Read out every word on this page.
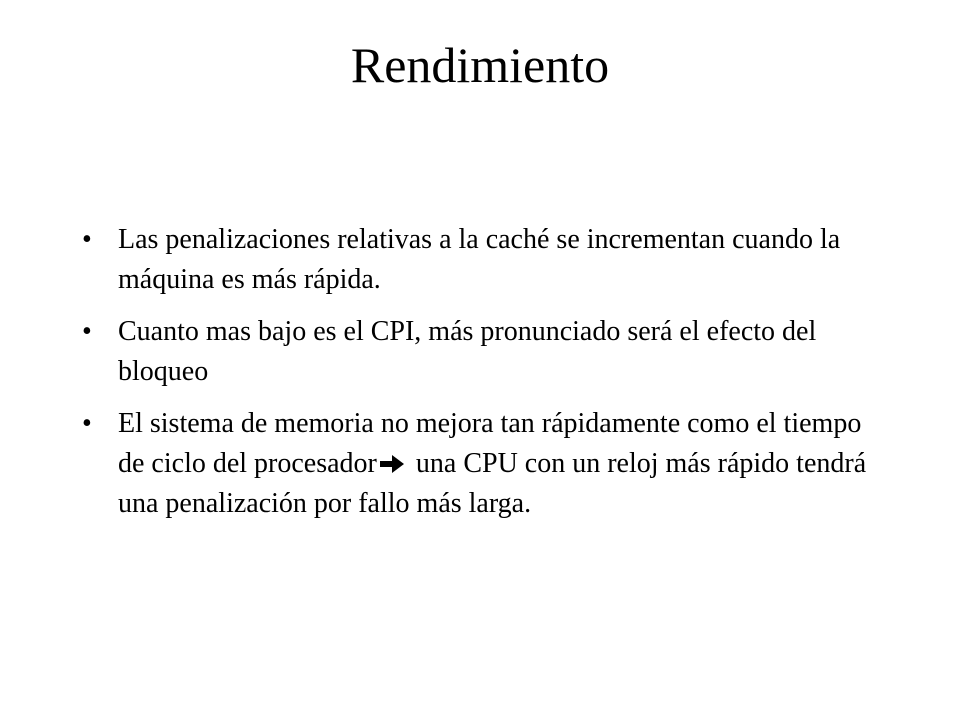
Rendimiento
• Las penalizaciones relativas a la caché se incrementan cuando la máquina es más rápida.
• Cuanto mas bajo es el CPI, más pronunciado será el efecto del bloqueo
• El sistema de memoria no mejora tan rápidamente como el tiempo de ciclo del procesador una CPU con un reloj más rápido tendrá una penalización por fallo más larga.
